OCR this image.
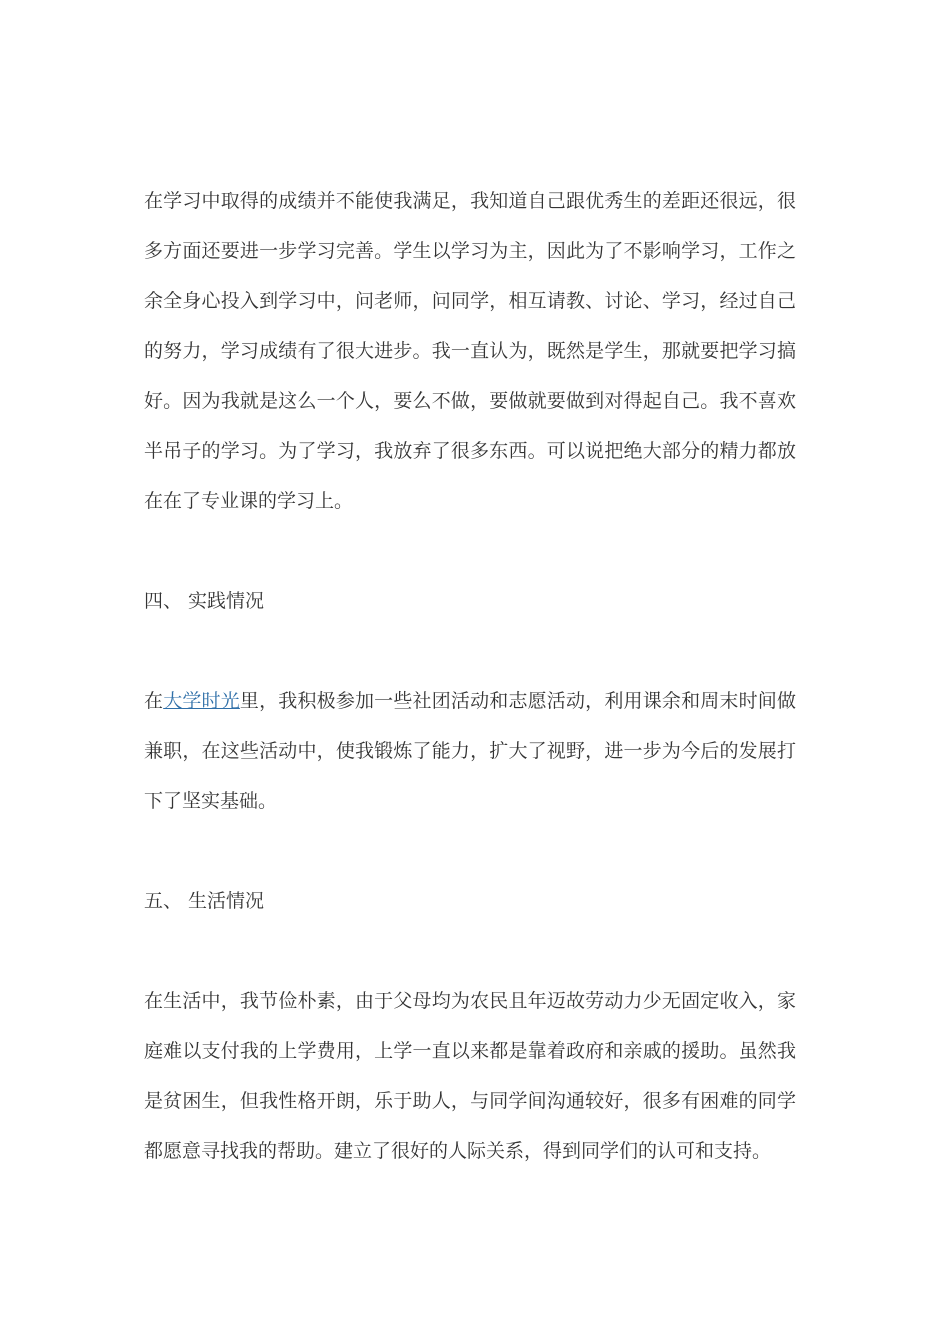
在学习中取得的成绩并不能使我满足，我知道自己跟优秀生的差距还很远，很多方面还要进一步学习完善。学生以学习为主，因此为了不影响学习，工作之余全身心投入到学习中，问老师，问同学，相互请教、讨论、学习，经过自己的努力，学习成绩有了很大进步。我一直认为，既然是学生，那就要把学习搞好。因为我就是这么一个人，要么不做，要做就要做到对得起自己。我不喜欢半吊子的学习。为了学习，我放弃了很多东西。可以说把绝大部分的精力都放在在了专业课的学习上。

四、 实践情况

在大学时光里，我积极参加一些社团活动和志愿活动，利用课余和周末时间做兼职，在这些活动中，使我锻炼了能力，扩大了视野，进一步为今后的发展打下了坚实基础。

五、 生活情况

在生活中，我节俭朴素，由于父母均为农民且年迈故劳动力少无固定收入，家庭难以支付我的上学费用，上学一直以来都是靠着政府和亲戚的援助。虽然我是贫困生，但我性格开朗，乐于助人，与同学间沟通较好，很多有困难的同学都愿意寻找我的帮助。建立了很好的人际关系，得到同学们的认可和支持。
